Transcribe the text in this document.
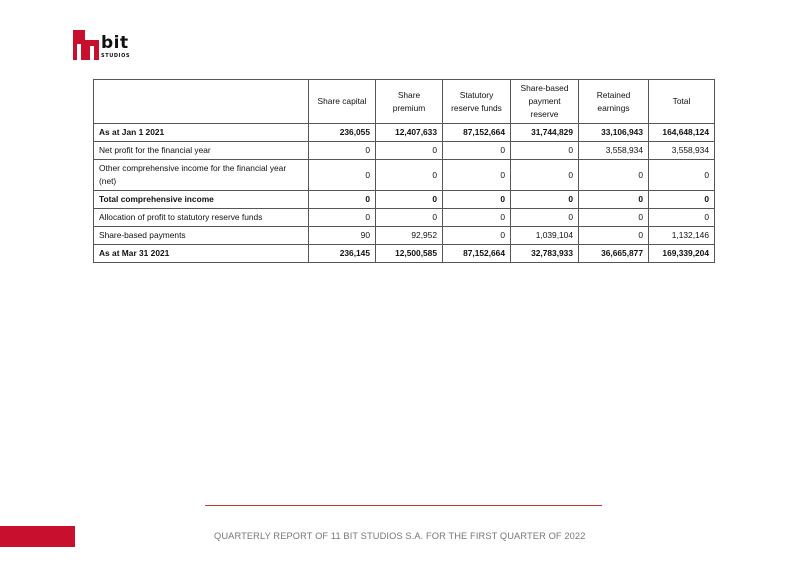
bit
STUDIOS
	Share capital	Share premium	Statutory reserve funds	Share-based payment reserve	Retained earnings	Total
As at Jan 1 2021	236,055	12,407,633	87,152,664	31,744,829	33,106,943	164,648,124
Net profit for the financial year	0	0	0	0	3,558,934	3,558,934
Other comprehensive income for the financial year (net)	0	0	0	0	0	0
Total comprehensive income	0	0	0	0	0	0
Allocation of profit to statutory reserve funds	0	0	0	0	0	0
Share-based payments	90	92,952	0	1,039,104	0	1,132,146
As at Mar 31 2021	236,145	12,500,585	87,152,664	32,783,933	36,665,877	169,339,204
QUARTERLY REPORT OF 11 BIT STUDIOS S.A. FOR THE FIRST QUARTER OF 2022
